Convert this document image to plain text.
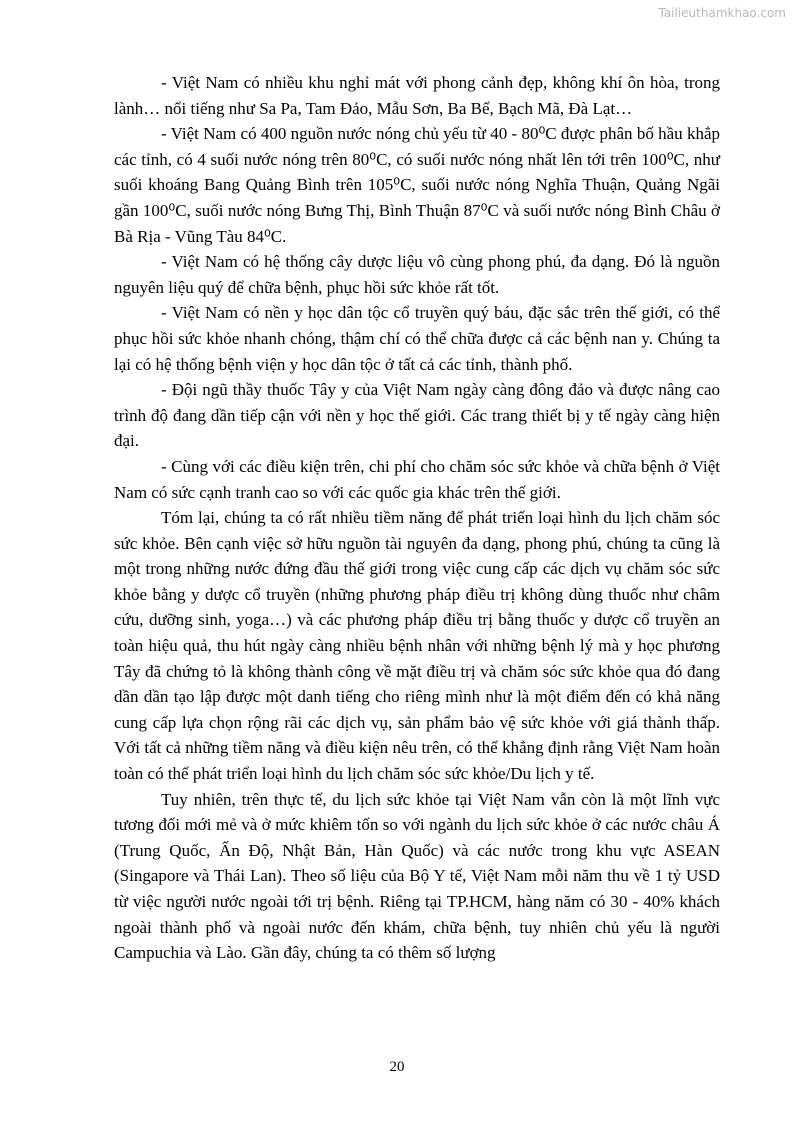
Tailieuthamkhao.com

- Việt Nam có nhiều khu nghỉ mát với phong cảnh đẹp, không khí ôn hòa, trong lành… nổi tiếng như Sa Pa, Tam Đảo, Mẫu Sơn, Ba Bể, Bạch Mã, Đà Lạt…

- Việt Nam có 400 nguồn nước nóng chủ yếu từ 40 - 80⁰C được phân bố hầu khắp các tỉnh, có 4 suối nước nóng trên 80⁰C, có suối nước nóng nhất lên tới trên 100⁰C, như suối khoáng Bang Quảng Bình trên 105⁰C, suối nước nóng Nghĩa Thuận, Quảng Ngãi gần 100⁰C, suối nước nóng Bưng Thị, Bình Thuận 87⁰C và suối nước nóng Bình Châu ở Bà Rịa - Vũng Tàu 84⁰C.

- Việt Nam có hệ thống cây dược liệu vô cùng phong phú, đa dạng. Đó là nguồn nguyên liệu quý để chữa bệnh, phục hồi sức khỏe rất tốt.

- Việt Nam có nền y học dân tộc cổ truyền quý báu, đặc sắc trên thế giới, có thể phục hồi sức khỏe nhanh chóng, thậm chí có thể chữa được cả các bệnh nan y. Chúng ta lại có hệ thống bệnh viện y học dân tộc ở tất cả các tỉnh, thành phố.

- Đội ngũ thầy thuốc Tây y của Việt Nam ngày càng đông đảo và được nâng cao trình độ đang dần tiếp cận với nền y học thế giới. Các trang thiết bị y tế ngày càng hiện đại.

- Cùng với các điều kiện trên, chi phí cho chăm sóc sức khỏe và chữa bệnh ở Việt Nam có sức cạnh tranh cao so với các quốc gia khác trên thế giới.

Tóm lại, chúng ta có rất nhiều tiềm năng để phát triển loại hình du lịch chăm sóc sức khỏe. Bên cạnh việc sở hữu nguồn tài nguyên đa dạng, phong phú, chúng ta cũng là một trong những nước đứng đầu thế giới trong việc cung cấp các dịch vụ chăm sóc sức khỏe bằng y dược cổ truyền (những phương pháp điều trị không dùng thuốc như châm cứu, dưỡng sinh, yoga…) và các phương pháp điều trị bằng thuốc y dược cổ truyền an toàn hiệu quả, thu hút ngày càng nhiều bệnh nhân với những bệnh lý mà y học phương Tây đã chứng tỏ là không thành công về mặt điều trị và chăm sóc sức khỏe qua đó đang dần dần tạo lập được một danh tiếng cho riêng mình như là một điểm đến có khả năng cung cấp lựa chọn rộng rãi các dịch vụ, sản phẩm bảo vệ sức khỏe với giá thành thấp. Với tất cả những tiềm năng và điều kiện nêu trên, có thể khẳng định rằng Việt Nam hoàn toàn có thể phát triển loại hình du lịch chăm sóc sức khỏe/Du lịch y tế.

Tuy nhiên, trên thực tế, du lịch sức khỏe tại Việt Nam vẫn còn là một lĩnh vực tương đối mới mẻ và ở mức khiêm tốn so với ngành du lịch sức khỏe ở các nước châu Á (Trung Quốc, Ấn Độ, Nhật Bản, Hàn Quốc) và các nước trong khu vực ASEAN (Singapore và Thái Lan). Theo số liệu của Bộ Y tế, Việt Nam mỗi năm thu về 1 tỷ USD từ việc người nước ngoài tới trị bệnh. Riêng tại TP.HCM, hàng năm có 30 - 40% khách ngoài thành phố và ngoài nước đến khám, chữa bệnh, tuy nhiên chủ yếu là người Campuchia và Lào. Gần đây, chúng ta có thêm số lượng

20
